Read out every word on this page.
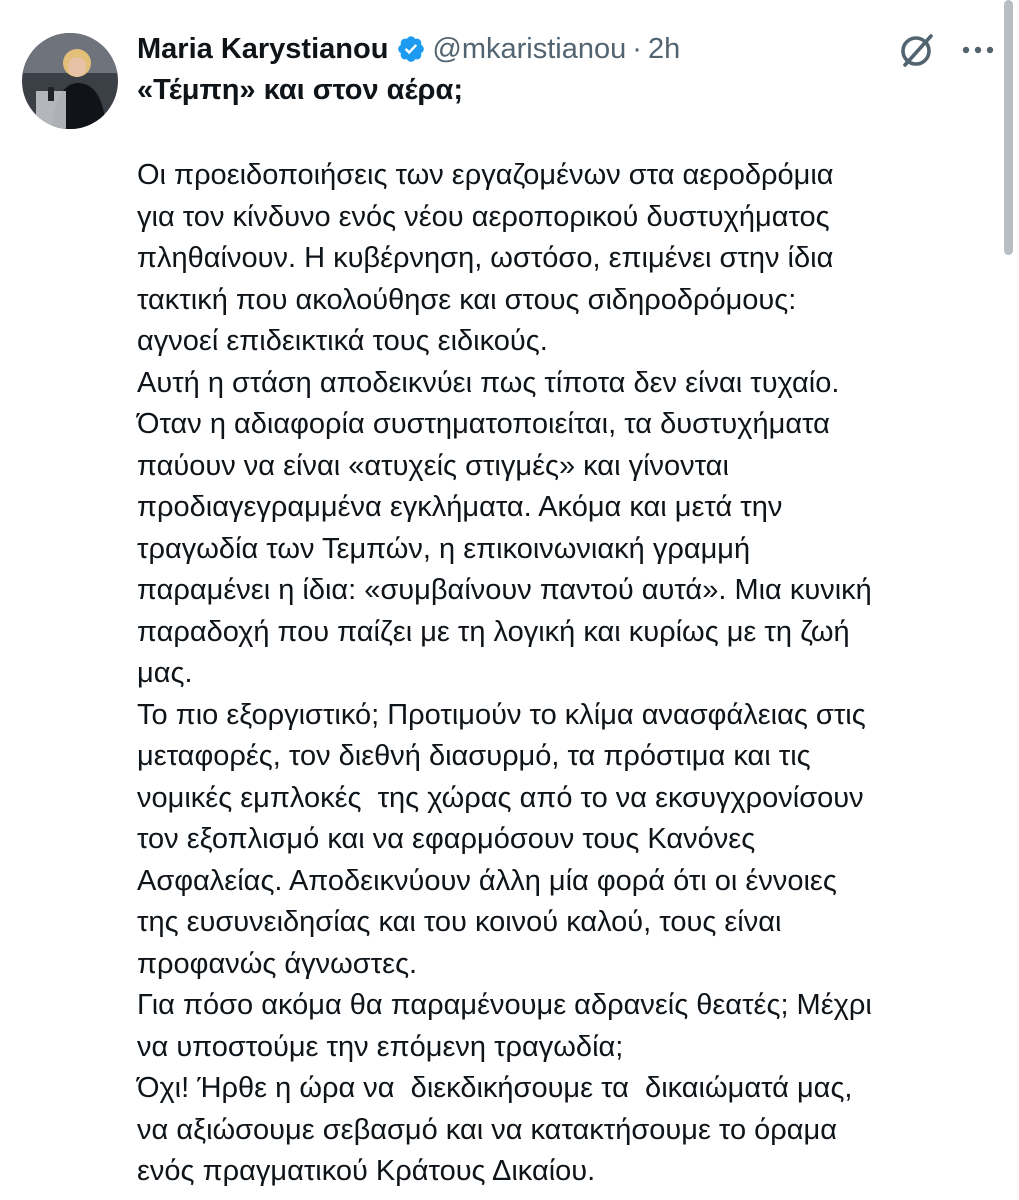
Maria Karystianou @mkaristianou · 2h
«Τέμπη» και στον αέρα;
Οι προειδοποιήσεις των εργαζομένων στα αεροδρόμια
για τον κίνδυνο ενός νέου αεροπορικού δυστυχήματος
πληθαίνουν. Η κυβέρνηση, ωστόσο, επιμένει στην ίδια
τακτική που ακολούθησε και στους σιδηροδρόμους:
αγνοεί επιδεικτικά τους ειδικούς.
Αυτή η στάση αποδεικνύει πως τίποτα δεν είναι τυχαίο.
Όταν η αδιαφορία συστηματοποιείται, τα δυστυχήματα
παύουν να είναι «ατυχείς στιγμές» και γίνονται
προδιαγεγραμμένα εγκλήματα. Ακόμα και μετά την
τραγωδία των Τεμπών, η επικοινωνιακή γραμμή
παραμένει η ίδια: «συμβαίνουν παντού αυτά». Μια κυνική
παραδοχή που παίζει με τη λογική και κυρίως με τη ζωή
μας.
Το πιο εξοργιστικό; Προτιμούν το κλίμα ανασφάλειας στις
μεταφορές, τον διεθνή διασυρμό, τα πρόστιμα και τις
νομικές εμπλοκές  της χώρας από το να εκσυγχρονίσουν
τον εξοπλισμό και να εφαρμόσουν τους Κανόνες
Ασφαλείας. Αποδεικνύουν άλλη μία φορά ότι οι έννοιες
της ευσυνειδησίας και του κοινού καλού, τους είναι
προφανώς άγνωστες.
Για πόσο ακόμα θα παραμένουμε αδρανείς θεατές; Μέχρι
να υποστούμε την επόμενη τραγωδία;
Όχι! Ήρθε η ώρα να  διεκδικήσουμε τα  δικαιώματά μας,
να αξιώσουμε σεβασμό και να κατακτήσουμε το όραμα
ενός πραγματικού Κράτους Δικαίου.
